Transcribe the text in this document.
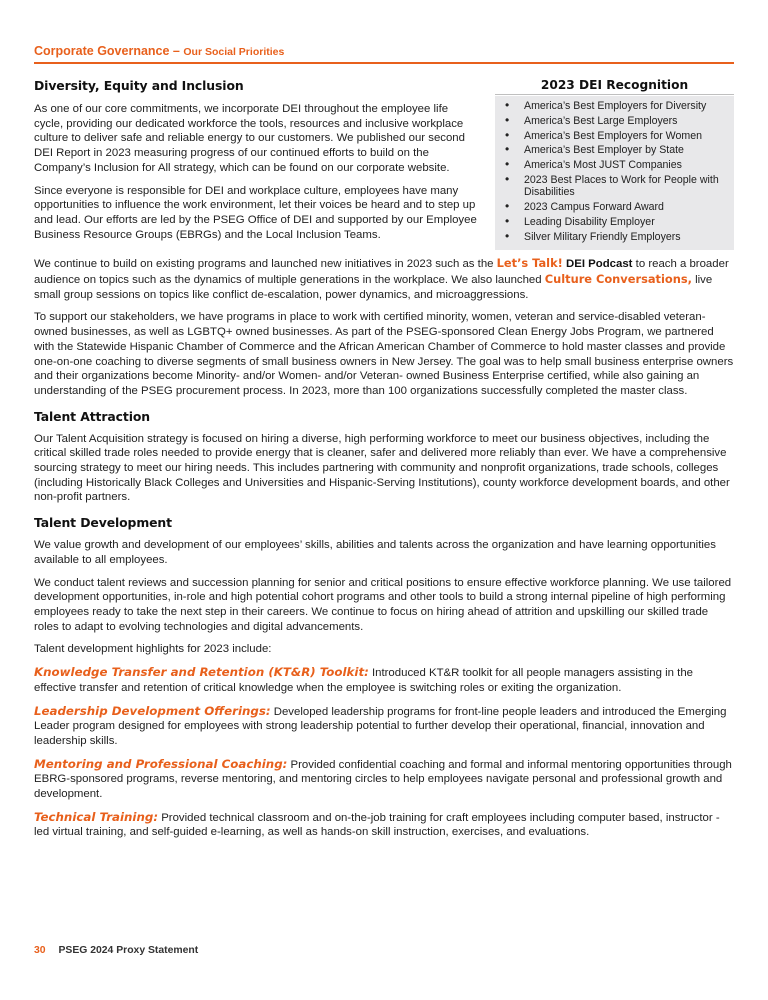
Corporate Governance – Our Social Priorities
Diversity, Equity and Inclusion

As one of our core commitments, we incorporate DEI throughout the employee life cycle, providing our dedicated workforce the tools, resources and inclusive workplace culture to deliver safe and reliable energy to our customers. We published our second DEI Report in 2023 measuring progress of our continued efforts to build on the Company’s Inclusion for All strategy, which can be found on our corporate website.

Since everyone is responsible for DEI and workplace culture, employees have many opportunities to influence the work environment, let their voices be heard and to step up and lead. Our efforts are led by the PSEG Office of DEI and supported by our Employee Business Resource Groups (EBRGs) and the Local Inclusion Teams.

2023 DEI Recognition
• America’s Best Employers for Diversity
• America’s Best Large Employers
• America’s Best Employers for Women
• America’s Best Employer by State
• America’s Most JUST Companies
• 2023 Best Places to Work for People with Disabilities
• 2023 Campus Forward Award
• Leading Disability Employer
• Silver Military Friendly Employers

We continue to build on existing programs and launched new initiatives in 2023 such as the Let’s Talk! DEI Podcast to reach a broader audience on topics such as the dynamics of multiple generations in the workplace. We also launched Culture Conversations, live small group sessions on topics like conflict de-escalation, power dynamics, and microaggressions.

To support our stakeholders, we have programs in place to work with certified minority, women, veteran and service-disabled veteran-owned businesses, as well as LGBTQ+ owned businesses. As part of the PSEG-sponsored Clean Energy Jobs Program, we partnered with the Statewide Hispanic Chamber of Commerce and the African American Chamber of Commerce to hold master classes and provide one-on-one coaching to diverse segments of small business owners in New Jersey. The goal was to help small business enterprise owners and their organizations become Minority- and/or Women- and/or Veteran- owned Business Enterprise certified, while also gaining an understanding of the PSEG procurement process. In 2023, more than 100 organizations successfully completed the master class.

Talent Attraction

Our Talent Acquisition strategy is focused on hiring a diverse, high performing workforce to meet our business objectives, including the critical skilled trade roles needed to provide energy that is cleaner, safer and delivered more reliably than ever. We have a comprehensive sourcing strategy to meet our hiring needs. This includes partnering with community and nonprofit organizations, trade schools, colleges (including Historically Black Colleges and Universities and Hispanic-Serving Institutions), county workforce development boards, and other non-profit partners.

Talent Development

We value growth and development of our employees’ skills, abilities and talents across the organization and have learning opportunities available to all employees.

We conduct talent reviews and succession planning for senior and critical positions to ensure effective workforce planning. We use tailored development opportunities, in-role and high potential cohort programs and other tools to build a strong internal pipeline of high performing employees ready to take the next step in their careers. We continue to focus on hiring ahead of attrition and upskilling our skilled trade roles to adapt to evolving technologies and digital advancements.

Talent development highlights for 2023 include:

Knowledge Transfer and Retention (KT&R) Toolkit: Introduced KT&R toolkit for all people managers assisting in the effective transfer and retention of critical knowledge when the employee is switching roles or exiting the organization.

Leadership Development Offerings: Developed leadership programs for front-line people leaders and introduced the Emerging Leader program designed for employees with strong leadership potential to further develop their operational, financial, innovation and leadership skills.

Mentoring and Professional Coaching: Provided confidential coaching and formal and informal mentoring opportunities through EBRG-sponsored programs, reverse mentoring, and mentoring circles to help employees navigate personal and professional growth and development.

Technical Training: Provided technical classroom and on-the-job training for craft employees including computer based, instructor - led virtual training, and self-guided e-learning, as well as hands-on skill instruction, exercises, and evaluations.

30 PSEG 2024 Proxy Statement
